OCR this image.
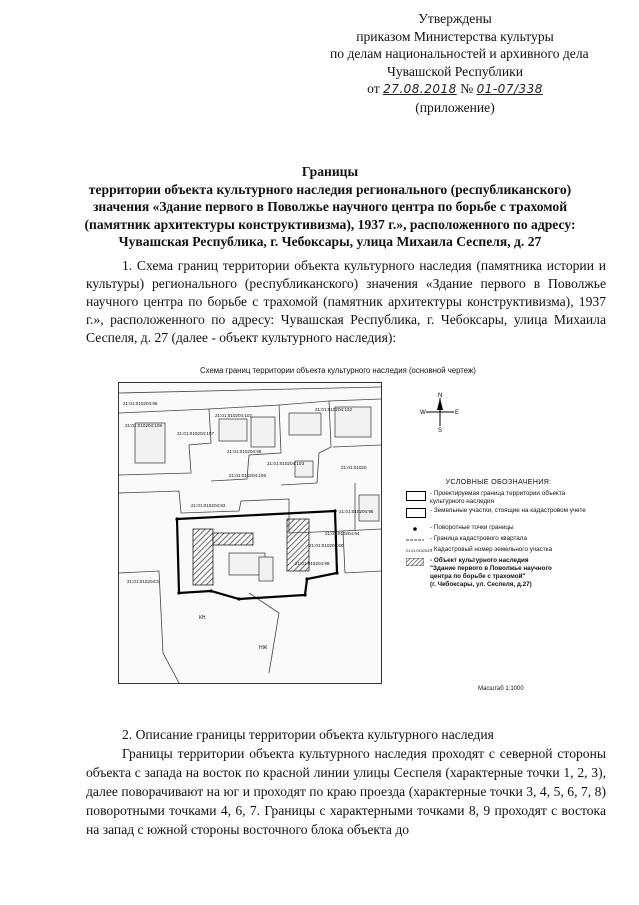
Утверждены
приказом Министерства культуры
по делам национальностей и архивного дела
Чувашской Республики
от 27.08.2018 № 01-07/338
(приложение)
Границы
территории объекта культурного наследия регионального (республиканского)
значения «Здание первого в Поволжье научного центра по борьбе с трахомой
(памятник архитектуры конструктивизма), 1937 г.», расположенного по адресу:
Чувашская Республика, г. Чебоксары, улица Михаила Сеспеля, д. 27
1. Схема границ территории объекта культурного наследия (памятника истории и культуры) регионального (республиканского) значения «Здание первого в Поволжье научного центра по борьбе с трахомой (памятник архитектуры конструктивизма), 1937 г.», расположенного по адресу: Чувашская Республика, г. Чебоксары, улица Михаила Сеспеля, д. 27 (далее - объект культурного наследия):
Схема границ территории объекта культурного наследия (основной чертеж)
21:01:010204:96
21:01:010204:102
21:01:010204:132
21:01:010204:108
21:01:010204:107
21:01:010204:98
21:01:010204:103
21:01:010204:106
21:01:01020
21:01:010204:93
21:01:010204:94
21:01:010204:60
21:01:010204:5
21:01:010204:99
21:01:010204:95
НЖ
КН
N
S
W	E
УСЛОВНЫЕ ОБОЗНАЧЕНИЯ:
- Проектируемая граница территории объекта культурного наследия
- Земельные участки, стоящие на кадастровом учете
- Поворотные точки границы
- Граница кадастрового квартала
21:01:010204:5
- Кадастровый номер земельного участка
- Объект культурного наследия
"Здание первого в Поволжье научного
центра по борьбе с трахомой"
(г. Чебоксары, ул. Сеспеля, д.27)
Масштаб 1:1000
2. Описание границы территории объекта культурного наследия
Границы территории объекта культурного наследия проходят с северной стороны объекта с запада на восток по красной линии улицы Сеспеля (характерные точки 1, 2, 3), далее поворачивают на юг и проходят по краю проезда (характерные точки 3, 4, 5, 6, 7, 8) поворотными точками 4, 6, 7. Границы с характерными точками 8, 9 проходят с востока на запад с южной стороны восточного блока объекта до
